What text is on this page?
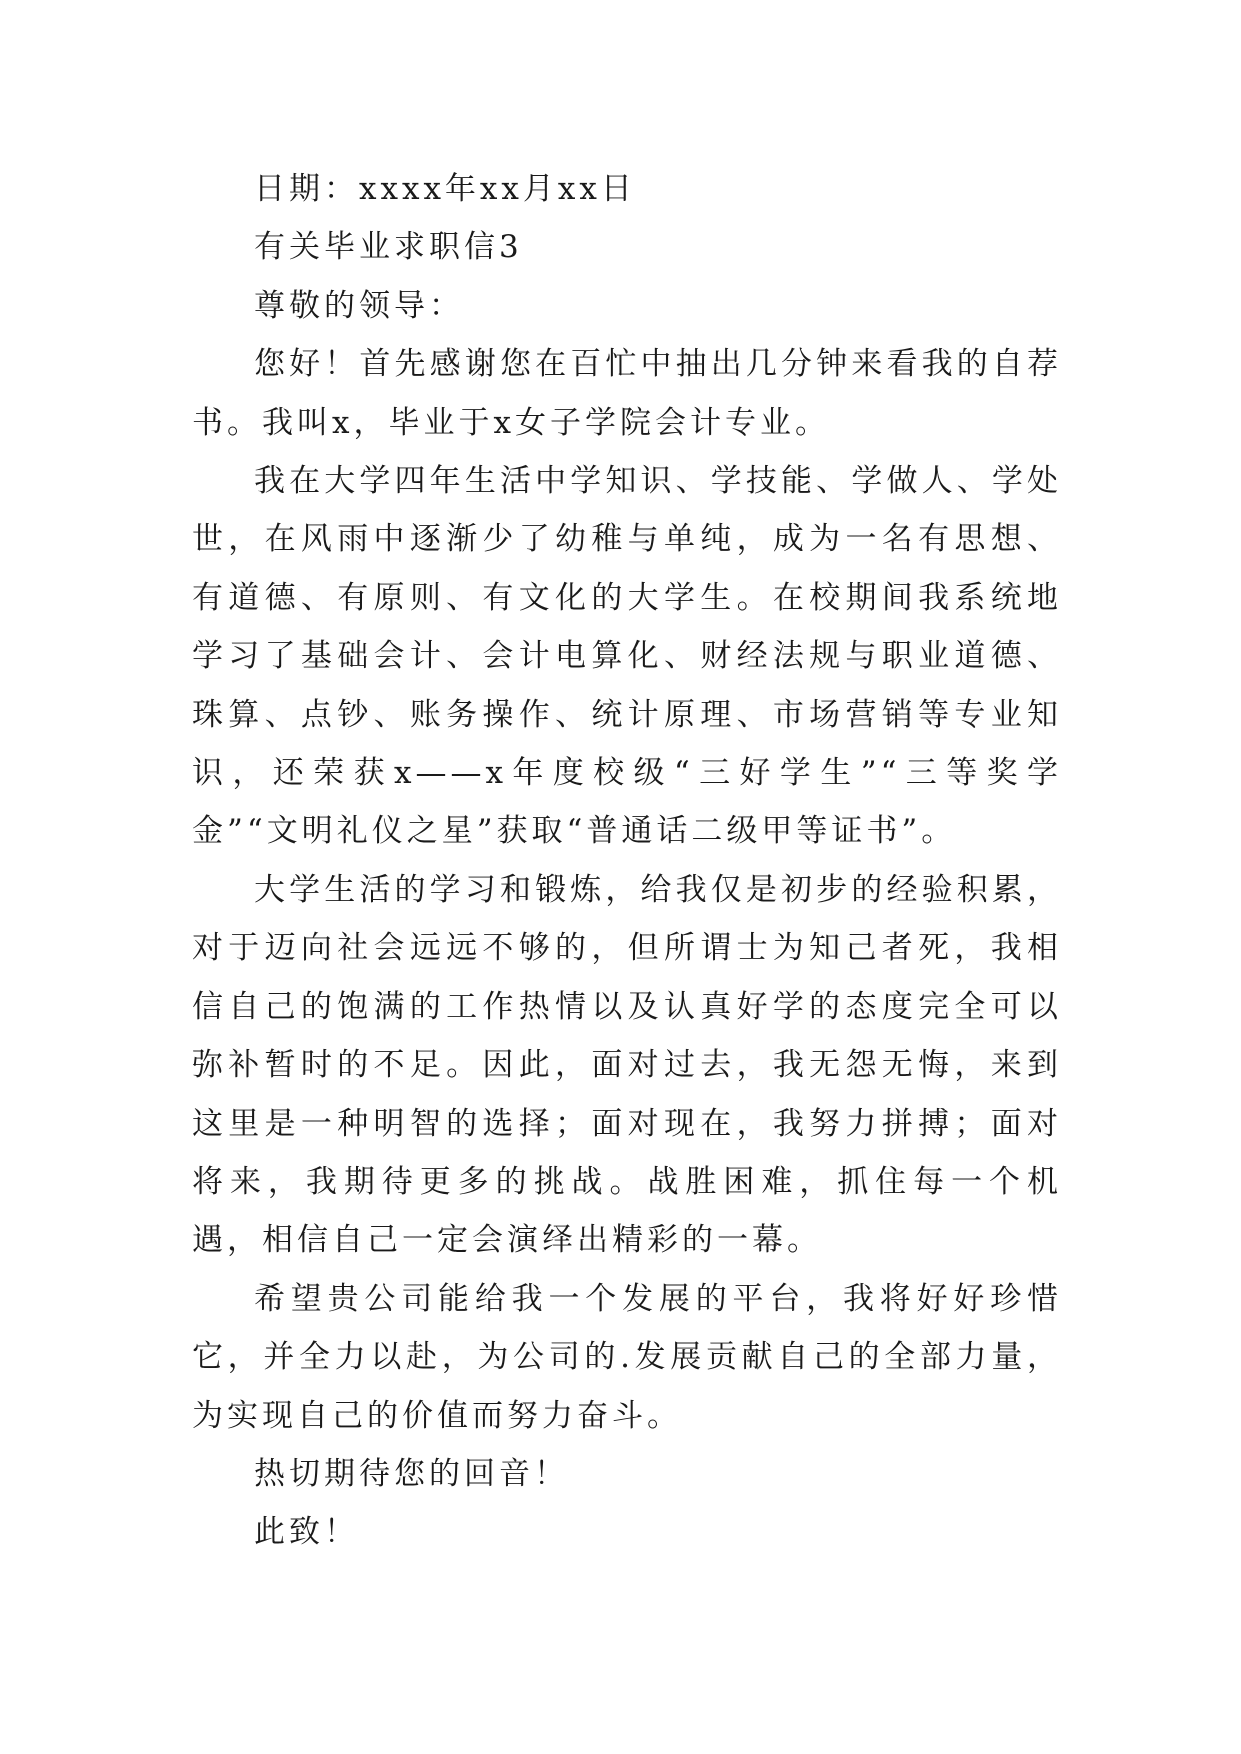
日期：xxxx年xx月xx日

有关毕业求职信3

尊敬的领导：

您好！首先感谢您在百忙中抽出几分钟来看我的自荐书。我叫x，毕业于x女子学院会计专业。

我在大学四年生活中学知识、学技能、学做人、学处世，在风雨中逐渐少了幼稚与单纯，成为一名有思想、有道德、有原则、有文化的大学生。在校期间我系统地学习了基础会计、会计电算化、财经法规与职业道德、珠算、点钞、账务操作、统计原理、市场营销等专业知识，还荣获x——x年度校级“三好学生”“三等奖学金”“文明礼仪之星”获取“普通话二级甲等证书”。

大学生活的学习和锻炼，给我仅是初步的经验积累，对于迈向社会远远不够的，但所谓士为知己者死，我相信自己的饱满的工作热情以及认真好学的态度完全可以弥补暂时的不足。因此，面对过去，我无怨无悔，来到这里是一种明智的选择；面对现在，我努力拼搏；面对将来，我期待更多的挑战。战胜困难，抓住每一个机遇，相信自己一定会演绎出精彩的一幕。

希望贵公司能给我一个发展的平台，我将好好珍惜它，并全力以赴，为公司的.发展贡献自己的全部力量，为实现自己的价值而努力奋斗。

热切期待您的回音！

此致！
